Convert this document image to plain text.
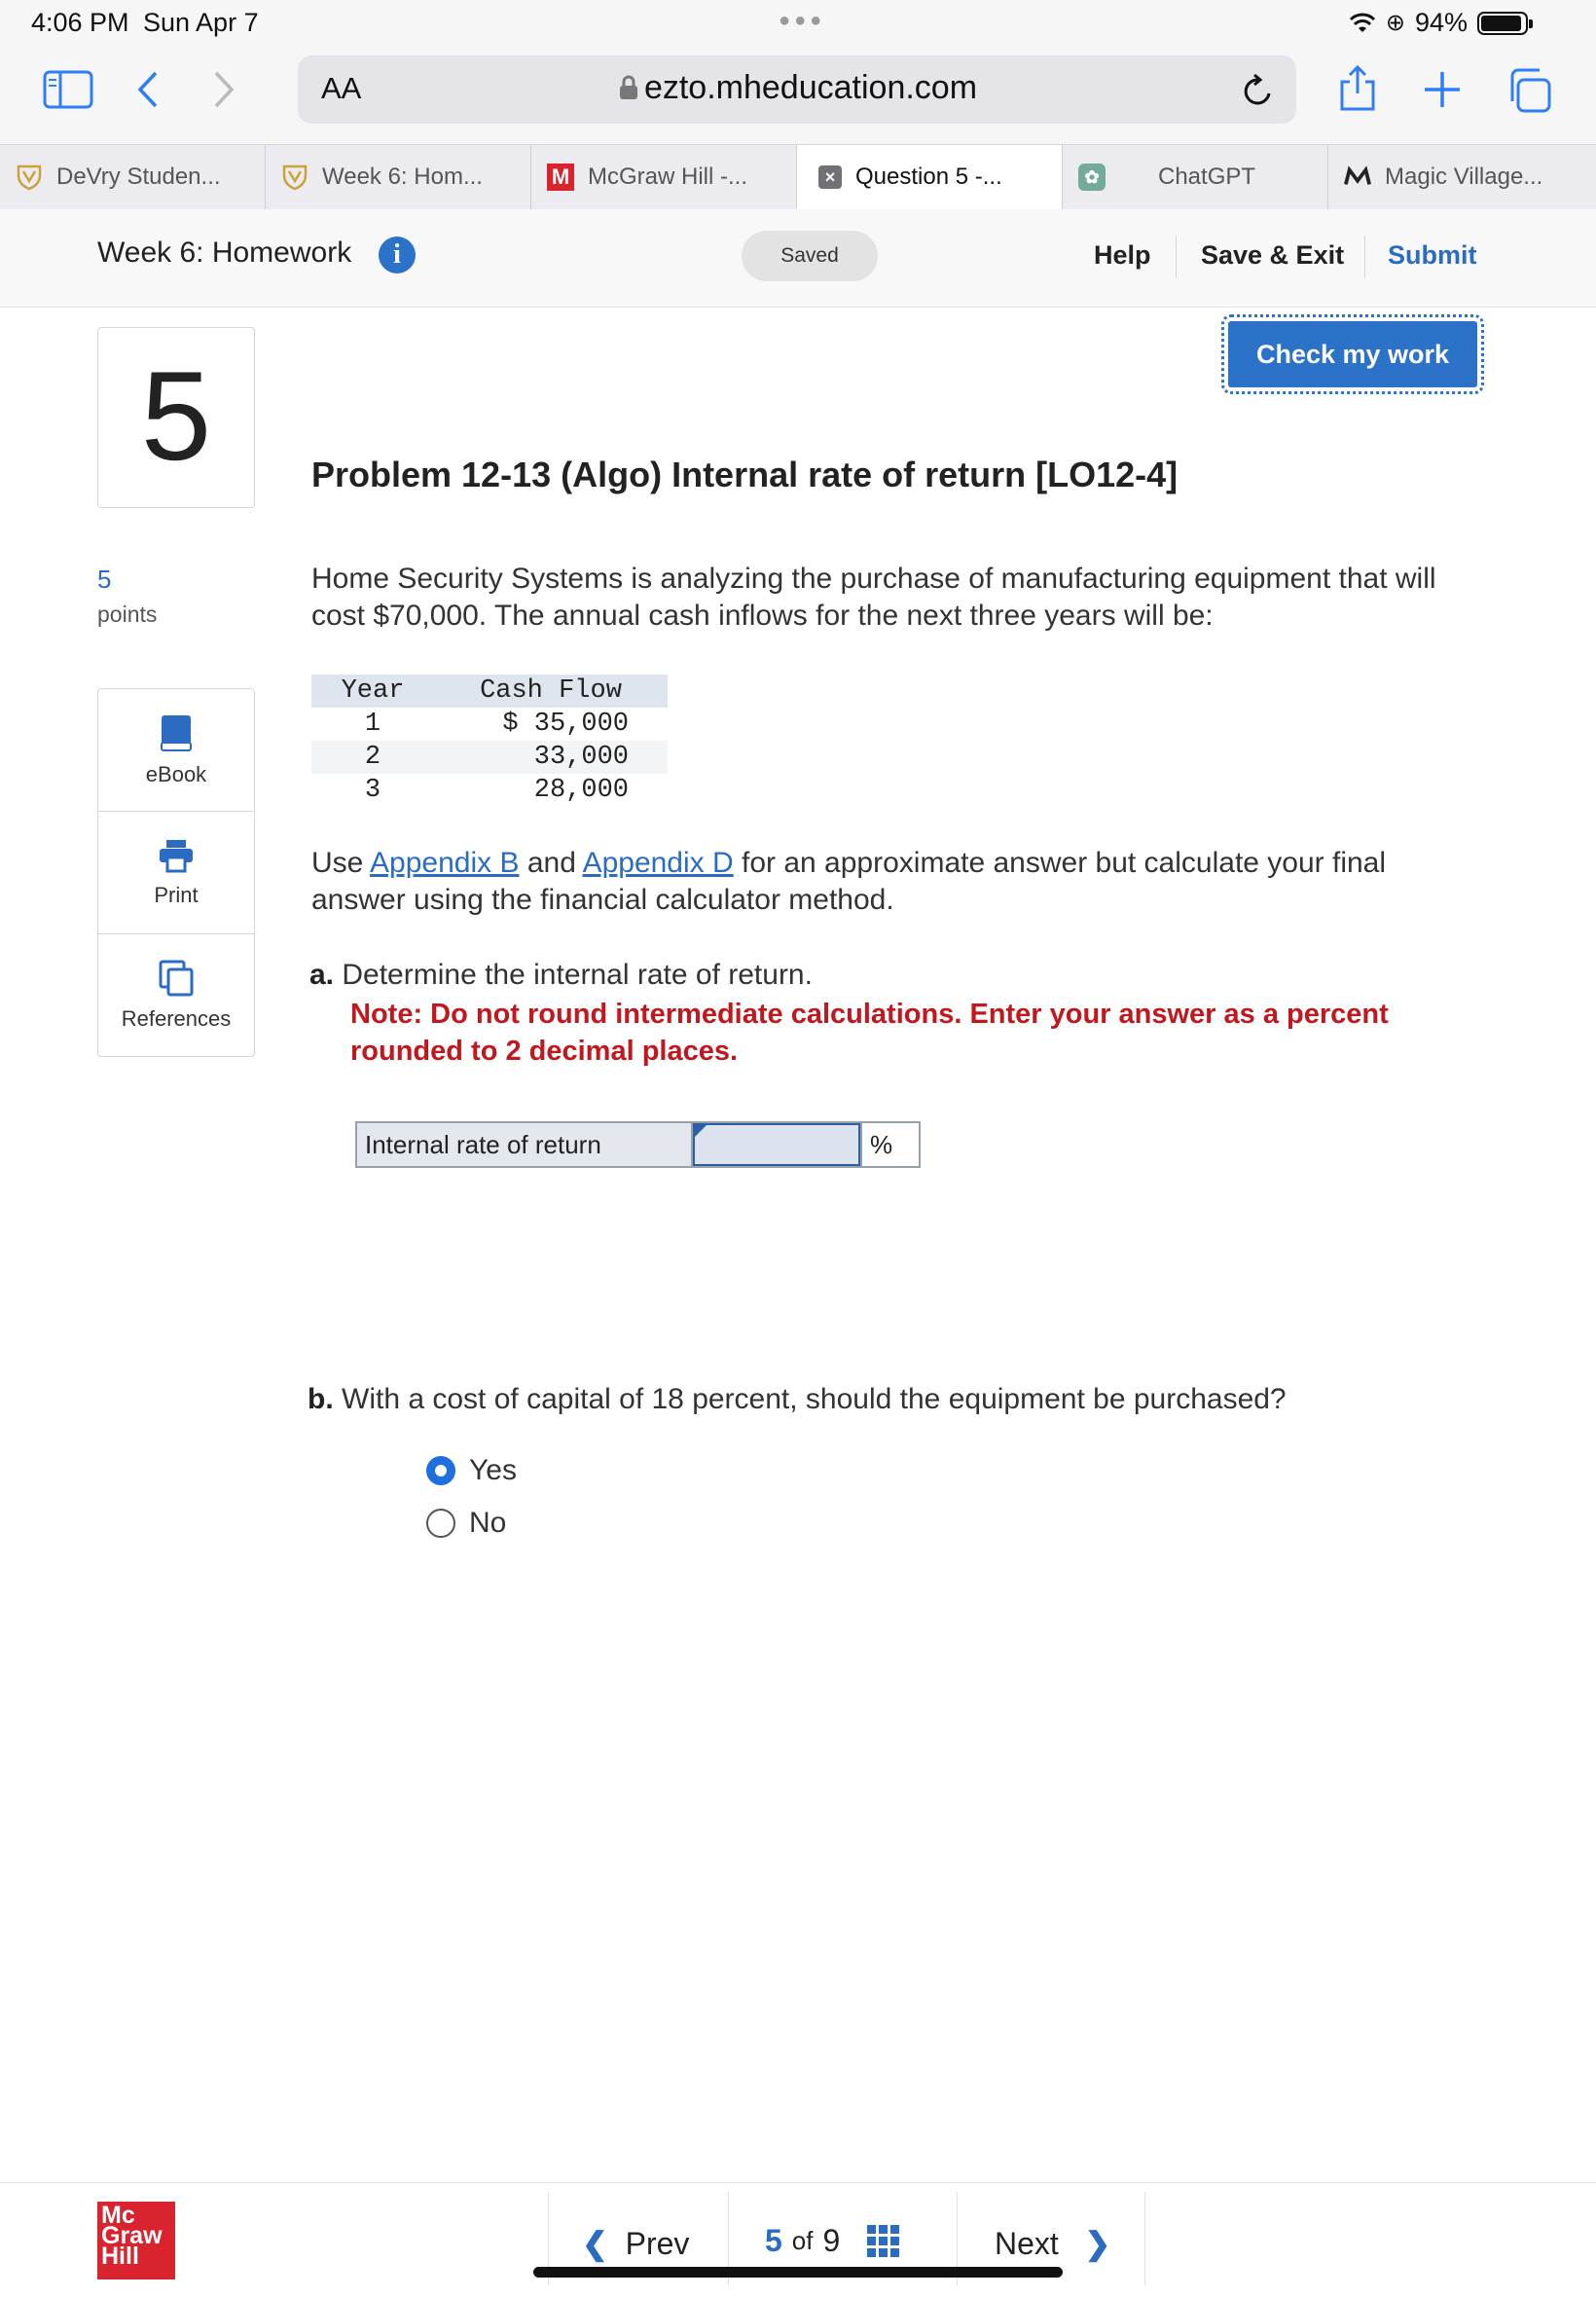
4:06 PM Sun Apr 7	●●●	⊕ 94%
AA	ezto.mheducation.com
DeVry Studen...	Week 6: Hom...	M McGraw Hill -...	× Question 5 -...	✿	ChatGPT	Magic Village...
Week 6: Homework	i	Saved	Help Save & Exit Submit
5
5
points
eBook
Print
References
Check my work
Problem 12-13 (Algo) Internal rate of return [LO12-4]
Home Security Systems is analyzing the purchase of manufacturing equipment that will cost $70,000. The annual cash inflows for the next three years will be:
Year	Cash Flow
1	$ 35,000
2	33,000
3	28,000
Use Appendix B and Appendix D for an approximate answer but calculate your final answer using the financial calculator method.
a. Determine the internal rate of return.
Note: Do not round intermediate calculations. Enter your answer as a percent rounded to 2 decimal places.
Internal rate of return	%
b. With a cost of capital of 18 percent, should the equipment be purchased?
Yes
No
Mc
Graw
Hill	❮ Prev 5 of 9	Next ❯
